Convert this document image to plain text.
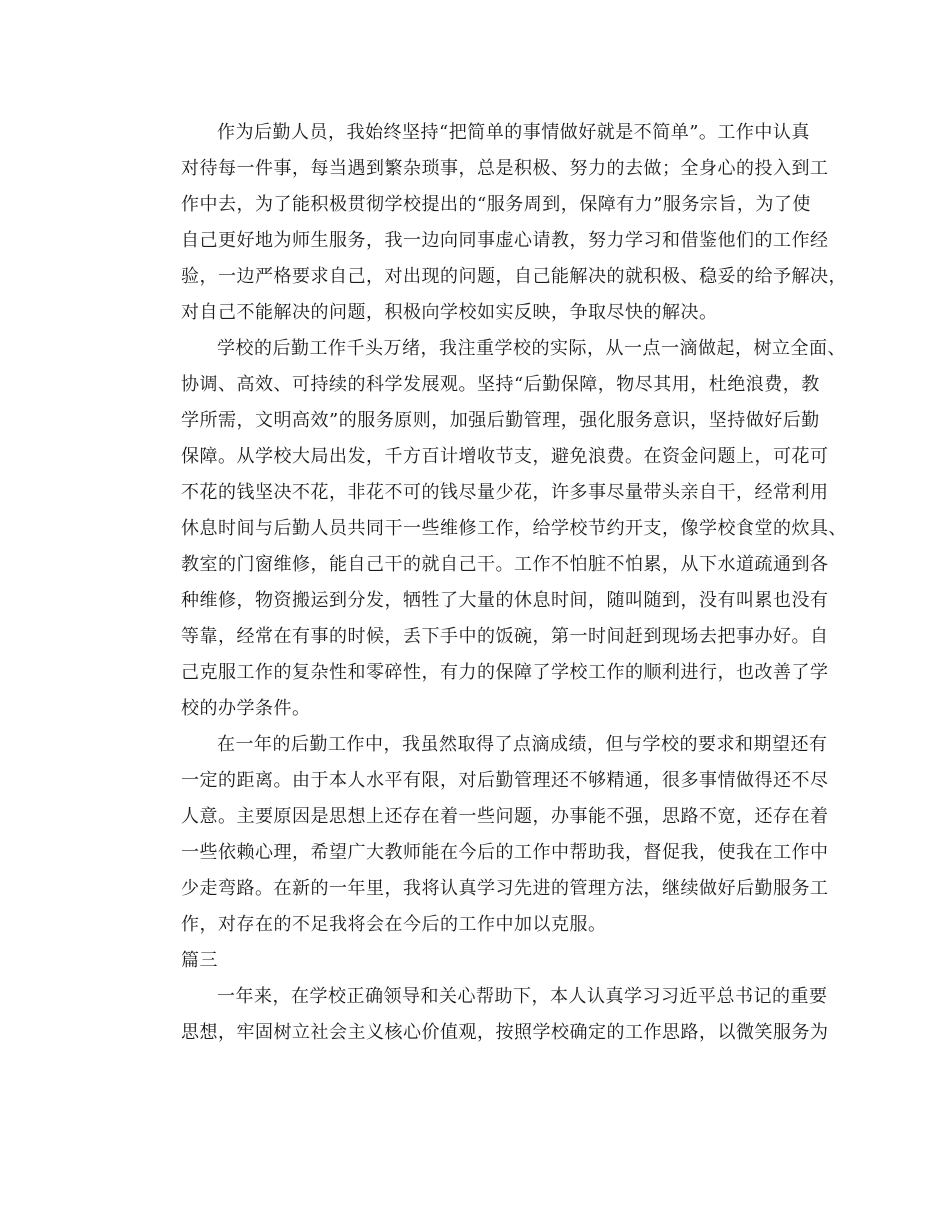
作为后勤人员，我始终坚持“把简单的事情做好就是不简单”。工作中认真
对待每一件事，每当遇到繁杂琐事，总是积极、努力的去做；全身心的投入到工
作中去，为了能积极贯彻学校提出的“服务周到，保障有力”服务宗旨，为了使
自己更好地为师生服务，我一边向同事虚心请教，努力学习和借鉴他们的工作经
验，一边严格要求自己，对出现的问题，自己能解决的就积极、稳妥的给予解决，
对自己不能解决的问题，积极向学校如实反映，争取尽快的解决。
学校的后勤工作千头万绪，我注重学校的实际，从一点一滴做起，树立全面、
协调、高效、可持续的科学发展观。坚持“后勤保障，物尽其用，杜绝浪费，教
学所需，文明高效”的服务原则，加强后勤管理，强化服务意识，坚持做好后勤
保障。从学校大局出发，千方百计增收节支，避免浪费。在资金问题上，可花可
不花的钱坚决不花，非花不可的钱尽量少花，许多事尽量带头亲自干，经常利用
休息时间与后勤人员共同干一些维修工作，给学校节约开支，像学校食堂的炊具、
教室的门窗维修，能自己干的就自己干。工作不怕脏不怕累，从下水道疏通到各
种维修，物资搬运到分发，牺牲了大量的休息时间，随叫随到，没有叫累也没有
等靠，经常在有事的时候，丢下手中的饭碗，第一时间赶到现场去把事办好。自
己克服工作的复杂性和零碎性，有力的保障了学校工作的顺利进行，也改善了学
校的办学条件。
在一年的后勤工作中，我虽然取得了点滴成绩，但与学校的要求和期望还有
一定的距离。由于本人水平有限，对后勤管理还不够精通，很多事情做得还不尽
人意。主要原因是思想上还存在着一些问题，办事能不强，思路不宽，还存在着
一些依赖心理，希望广大教师能在今后的工作中帮助我，督促我，使我在工作中
少走弯路。在新的一年里，我将认真学习先进的管理方法，继续做好后勤服务工
作，对存在的不足我将会在今后的工作中加以克服。
篇三
一年来，在学校正确领导和关心帮助下，本人认真学习习近平总书记的重要
思想，牢固树立社会主义核心价值观，按照学校确定的工作思路，以微笑服务为
